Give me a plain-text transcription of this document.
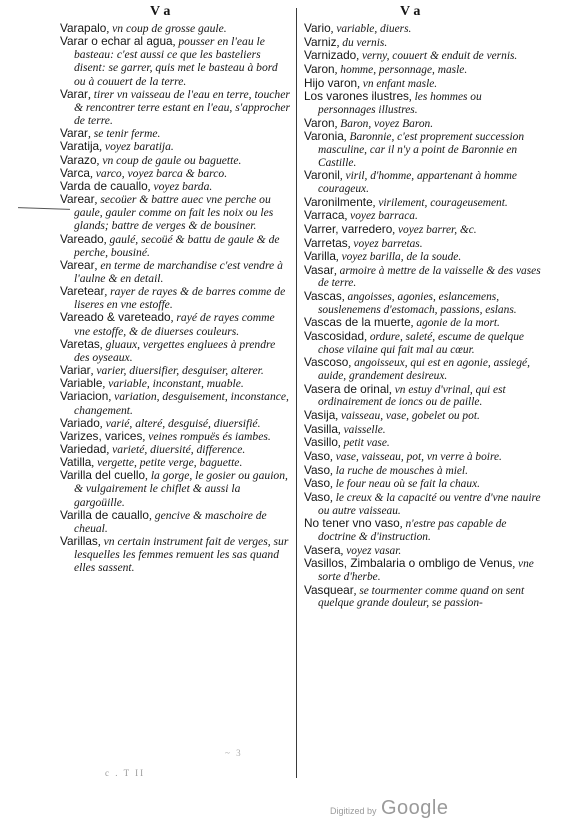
V a	V a
Varapalo, vn coup de grosse gaule.
Varar o echar al agua, pousser en l'eau le basteau: c'est aussi ce que les basteliers disent: se garrer, quis met le basteau à bord ou à couuert de la terre.
Varar, tirer vn vaisseau de l'eau en terre, toucher & rencontrer terre estant en l'eau, s'approcher de terre.
Varar, se tenir ferme.
Varatija, voyez baratija.
Varazo, vn coup de gaule ou baguette.
Varca, varco, voyez barca & barco.
Varda de cauallo, voyez barda.
Varear, secoüer & battre auec vne perche ou gaule, gauler comme on fait les noix ou les glands; battre de verges & de bousiner.
Vareado, gaulé, secoüé & battu de gaule & de perche, bousiné.
Varear, en terme de marchandise c'est vendre à l'aulne & en detail.
Varetear, rayer de rayes & de barres comme de liseres en vne estoffe.
Vareado & vareteado, rayé de rayes comme vne estoffe, & de diuerses couleurs.
Varetas, gluaux, vergettes engluees à prendre des oyseaux.
Variar, varier, diuersifier, desguiser, alterer.
Variable, variable, inconstant, muable.
Variacion, variation, desguisement, inconstance, changement.
Variado, varié, alteré, desguisé, diuersifié.
Varizes, varices, veines rompuës és iambes.
Variedad, varieté, diuersité, difference.
Vatilla, vergette, petite verge, baguette.
Varilla del cuello, la gorge, le gosier ou gauion, & vulgairement le chiflet & aussi la gargoüille.
Varilla de cauallo, gencive & maschoire de cheual.
Varillas, vn certain instrument fait de verges, sur lesquelles les femmes remuent les sas quand elles sassent.
Vario, variable, diuers.
Varniz, du vernis.
Varnizado, verny, couuert & enduit de vernis.
Varon, homme, personnage, masle.
Hijo varon, vn enfant masle.
Los varones ilustres, les hommes ou personnages illustres.
Varon, Baron, voyez Baron.
Varonia, Baronnie, c'est proprement succession masculine, car il n'y a point de Baronnie en Castille.
Varonil, viril, d'homme, appartenant à homme courageux.
Varonilmente, virilement, courageusement.
Varraca, voyez barraca.
Varrer, varredero, voyez barrer, &c.
Varretas, voyez barretas.
Varilla, voyez barilla, de la soude.
Vasar, armoire à mettre de la vaisselle & des vases de terre.
Vascas, angoisses, agonies, eslancemens, souslenemens d'estomach, passions, eslans.
Vascas de la muerte, agonie de la mort.
Vascosidad, ordure, saleté, escume de quelque chose vilaine qui fait mal au cœur.
Vascoso, angoisseux, qui est en agonie, assiegé, auide, grandement desireux.
Vasera de orinal, vn estuy d'vrinal, qui est ordinairement de ioncs ou de paille.
Vasija, vaisseau, vase, gobelet ou pot.
Vasilla, vaisselle.
Vasillo, petit vase.
Vaso, vase, vaisseau, pot, vn verre à boire.
Vaso, la ruche de mousches à miel.
Vaso, le four neau où se fait la chaux.
Vaso, le creux & la capacité ou ventre d'vne nauire ou autre vaisseau.
No tener vno vaso, n'estre pas capable de doctrine & d'instruction.
Vasera, voyez vasar.
Vasillos, Zimbalaria o ombligo de Venus, vne sorte d'herbe.
Vasquear, se tourmenter comme quand on sent quelque grande douleur, se passion-
c . T II
~ 3
Digitized by Google
